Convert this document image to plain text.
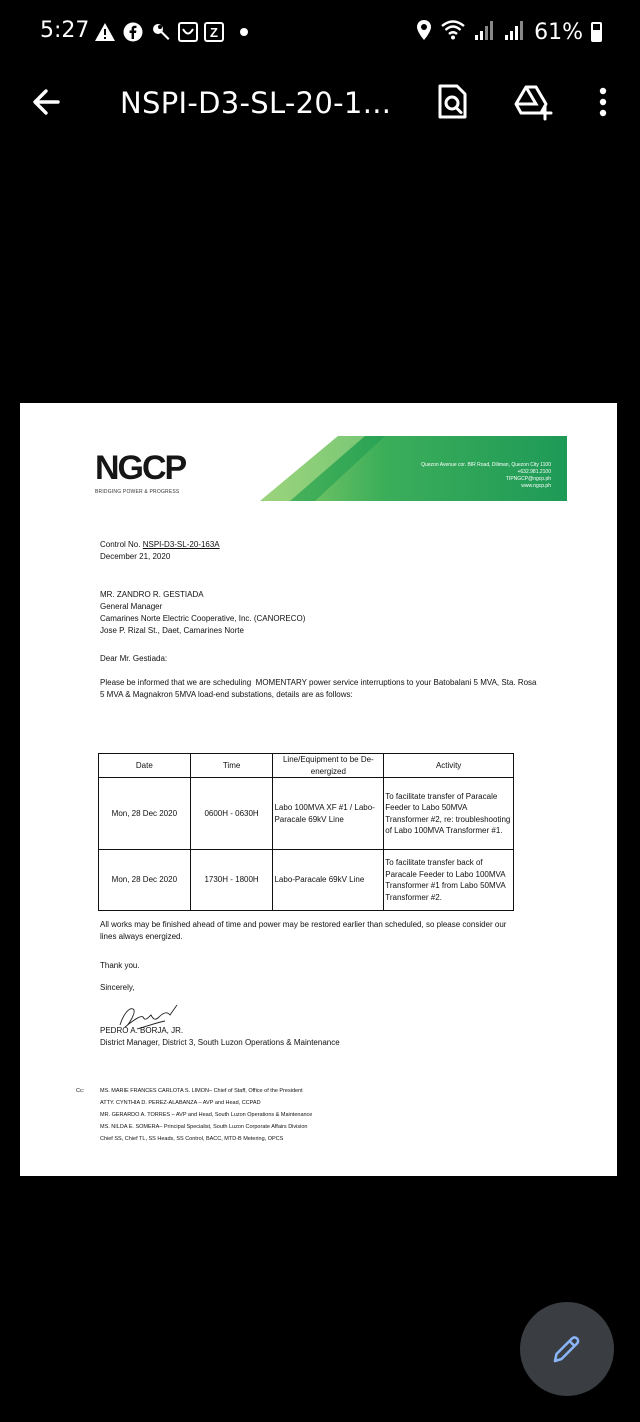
5:27	Z	61%
NSPI-D3-SL-20-1...
NGCP
BRIDGING POWER & PROGRESS
Quezon Avenue cor. BIR Road, Diliman, Quezon City 1100
+632.981.2100
TIPNGCP@ngcp.ph
www.ngcp.ph

Control No. NSPI-D3-SL-20-163A

December 21, 2020

MR. ZANDRO R. GESTIADA

General Manager

Camarines Norte Electric Cooperative, Inc. (CANORECO)

Jose P. Rizal St., Daet, Camarines Norte

Dear Mr. Gestiada:

Please be informed that we are scheduling  MOMENTARY power service interruptions to your Batobalani 5 MVA, Sta. Rosa 5 MVA & Magnakron 5MVA load-end substations, details are as follows:

Date	Time	Line/Equipment to be De-energized	Activity
Mon, 28 Dec 2020	0600H - 0630H	Labo 100MVA XF #1 / Labo-Paracale 69kV Line	To facilitate transfer of Paracale Feeder to Labo 50MVA Transformer #2, re: troubleshooting of Labo 100MVA Transformer #1.
Mon, 28 Dec 2020	1730H - 1800H	Labo-Paracale 69kV Line	To facilitate transfer back of Paracale Feeder to Labo 100MVA Transformer #1 from Labo 50MVA Transformer #2.

All works may be finished ahead of time and power may be restored earlier than scheduled, so please consider our lines always energized.

Thank you.

Sincerely,

PEDRO A. BORJA, JR.

District Manager, District 3, South Luzon Operations & Maintenance

Cc:	MS. MARIE FRANCES CARLOTA S. LIMON– Chief of Staff, Office of the President
ATTY. CYNTHIA D. PEREZ-ALABANZA – AVP and Head, CCPAD
MR. GERARDO A. TORRES – AVP and Head, South Luzon Operations & Maintenance
MS. NILDA E. SOMERA– Principal Specialist, South Luzon Corporate Affairs Division
Chief SS, Chief TL, SS Heads, SS Control, BACC, MTD-B Metering, OPCS
